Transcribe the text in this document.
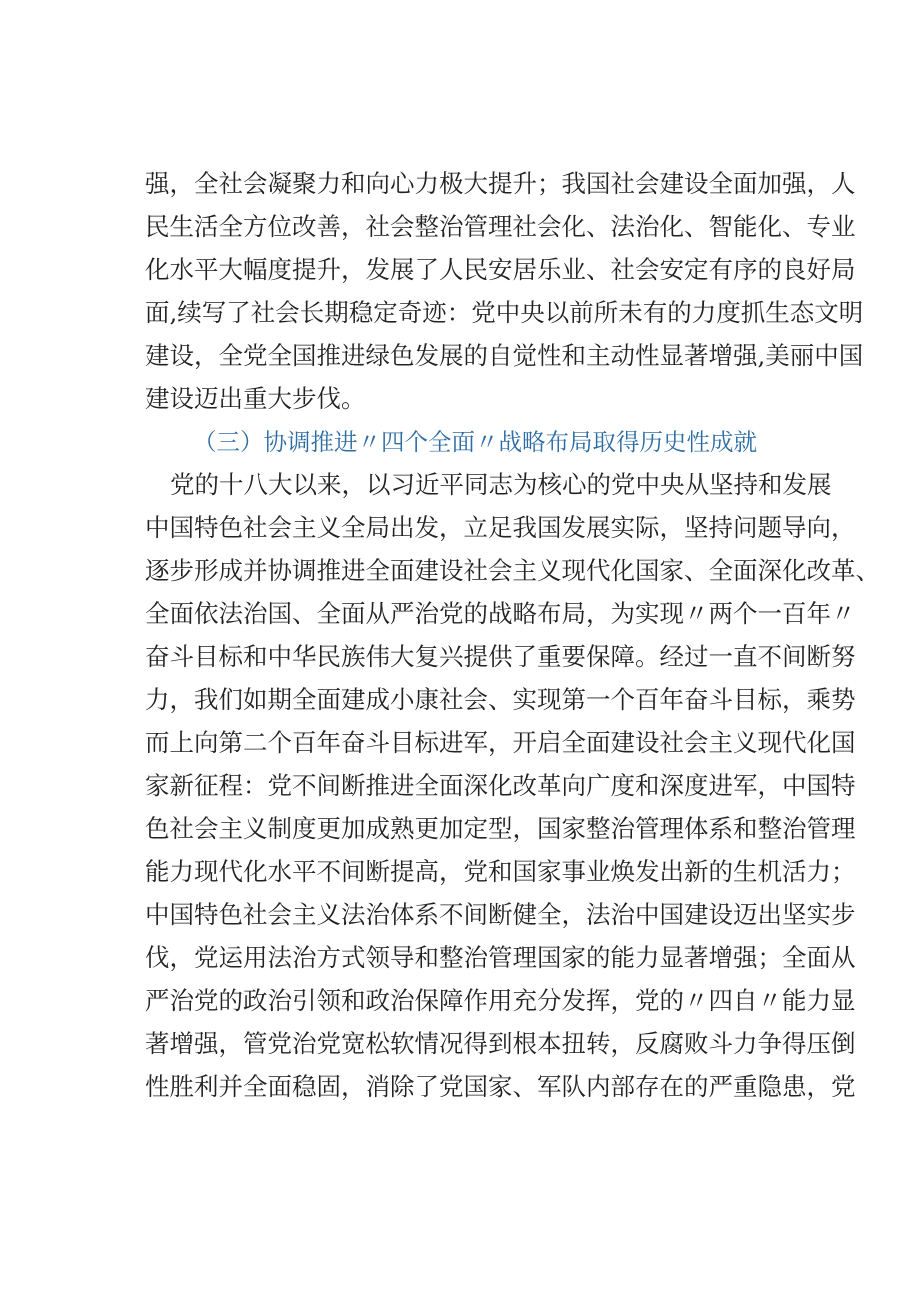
强，全社会凝聚力和向心力极大提升；我国社会建设全面加强，人
民生活全方位改善，社会整治管理社会化、法治化、智能化、专业
化水平大幅度提升，发展了人民安居乐业、社会安定有序的良好局
面,续写了社会长期稳定奇迹：党中央以前所未有的力度抓生态文明
建设，全党全国推进绿色发展的自觉性和主动性显著增强,美丽中国
建设迈出重大步伐。
（三）协调推进〃四个全面〃战略布局取得历史性成就
党的十八大以来，以习近平同志为核心的党中央从坚持和发展
中国特色社会主义全局出发，立足我国发展实际，坚持问题导向，
逐步形成并协调推进全面建设社会主义现代化国家、全面深化改革、
全面依法治国、全面从严治党的战略布局，为实现〃两个一百年〃
奋斗目标和中华民族伟大复兴提供了重要保障。经过一直不间断努
力，我们如期全面建成小康社会、实现第一个百年奋斗目标，乘势
而上向第二个百年奋斗目标进军，开启全面建设社会主义现代化国
家新征程：党不间断推进全面深化改革向广度和深度进军，中国特
色社会主义制度更加成熟更加定型，国家整治管理体系和整治管理
能力现代化水平不间断提高，党和国家事业焕发出新的生机活力；
中国特色社会主义法治体系不间断健全，法治中国建设迈出坚实步
伐，党运用法治方式领导和整治管理国家的能力显著增强；全面从
严治党的政治引领和政治保障作用充分发挥，党的〃四自〃能力显
著增强，管党治党宽松软情况得到根本扭转，反腐败斗力争得压倒
性胜利并全面稳固，消除了党国家、军队内部存在的严重隐患，党
